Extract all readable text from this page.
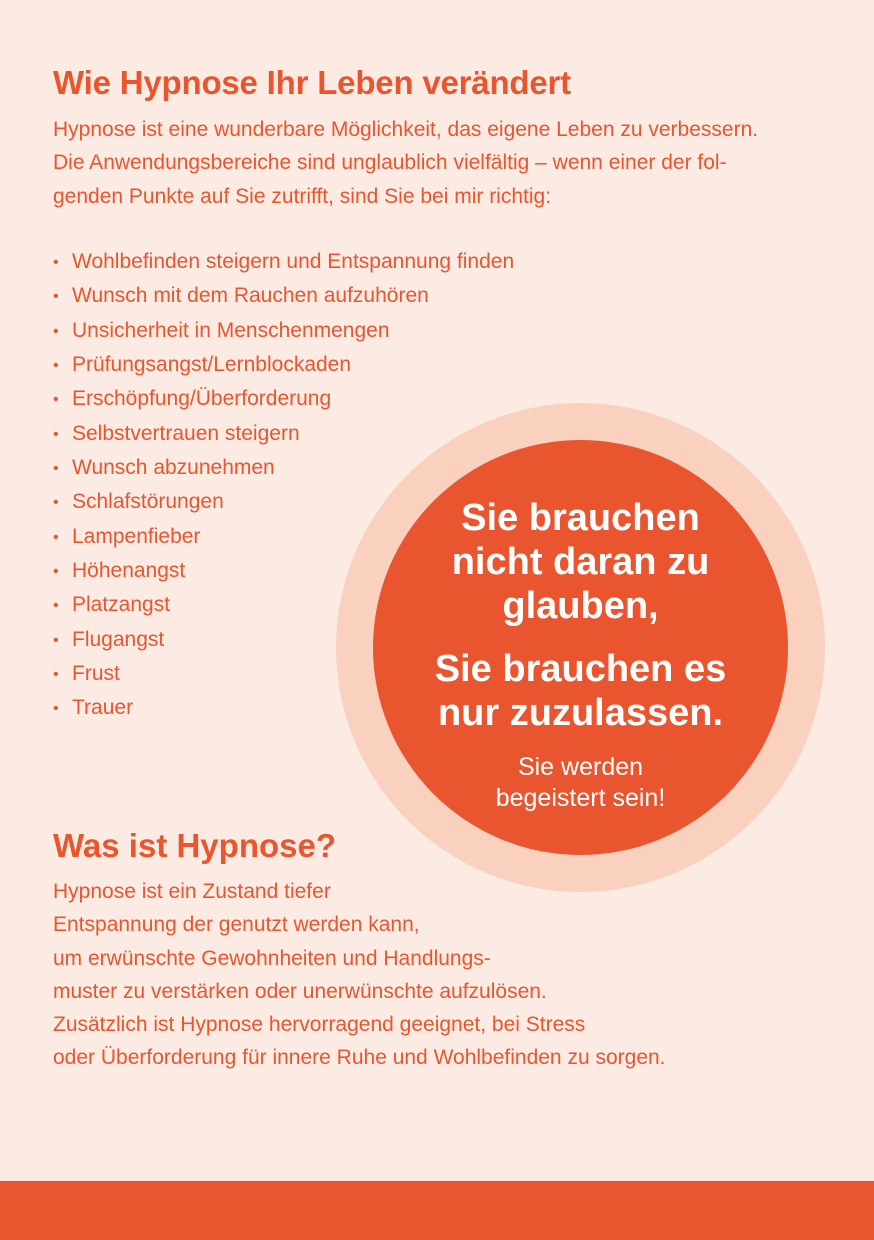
Wie Hypnose Ihr Leben verändert
Hypnose ist eine wunderbare Möglichkeit, das eigene Leben zu verbessern.
Die Anwendungsbereiche sind unglaublich vielfältig – wenn einer der fol-
genden Punkte auf Sie zutrifft, sind Sie bei mir richtig:
• Wohlbefinden steigern und Entspannung finden
• Wunsch mit dem Rauchen aufzuhören
• Unsicherheit in Menschenmengen
• Prüfungsangst/Lernblockaden
• Erschöpfung/Überforderung
• Selbstvertrauen steigern
• Wunsch abzunehmen
• Schlafstörungen
• Lampenfieber
• Höhenangst
• Platzangst
• Flugangst
• Frust
• Trauer
Sie brauchen
nicht daran zu
glauben,
Sie brauchen es
nur zuzulassen.
Sie werden
begeistert sein!
Was ist Hypnose?
Hypnose ist ein Zustand tiefer
Entspannung der genutzt werden kann,
um erwünschte Gewohnheiten und Handlungs-
muster zu verstärken oder unerwünschte aufzulösen.
Zusätzlich ist Hypnose hervorragend geeignet, bei Stress
oder Überforderung für innere Ruhe und Wohlbefinden zu sorgen.
